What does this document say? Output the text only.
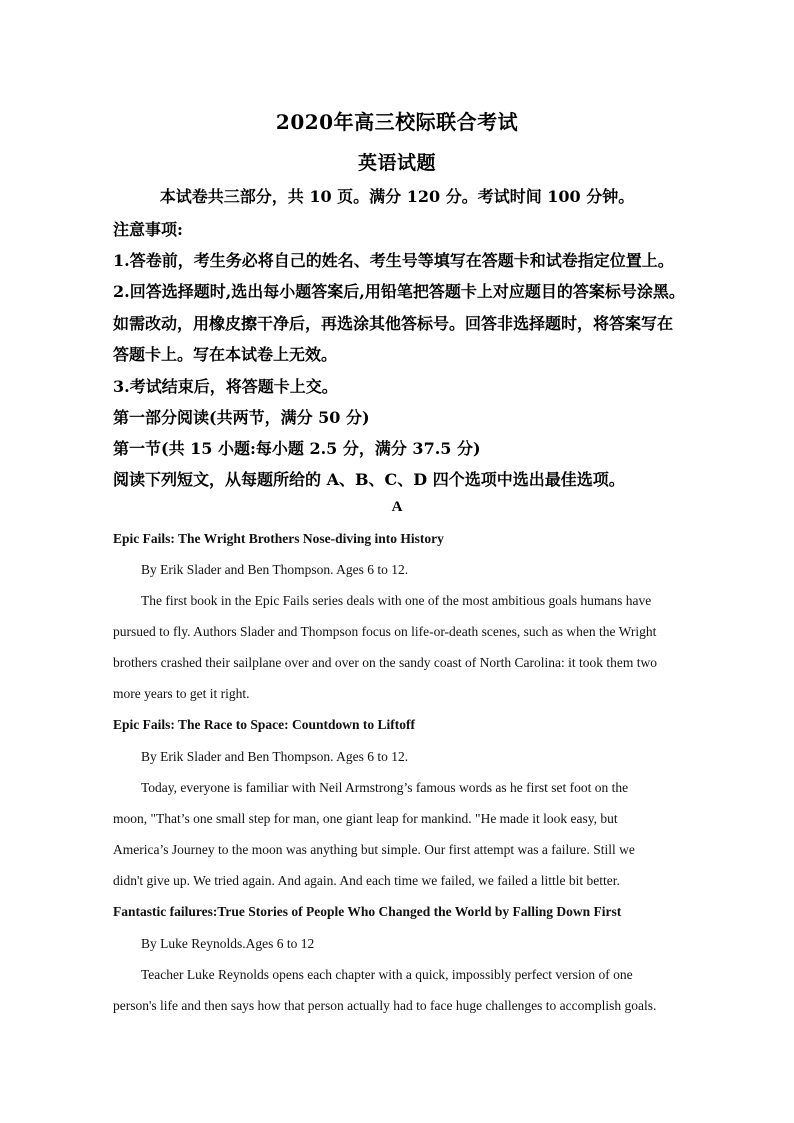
2020年高三校际联合考试
英语试题
本试卷共三部分，共 10 页。满分 120 分。考试时间 100 分钟。
注意事项:
1.答卷前，考生务必将自己的姓名、考生号等填写在答题卡和试卷指定位置上。
2.回答选择题时,选出每小题答案后,用铅笔把答题卡上对应题目的答案标号涂黑。
如需改动，用橡皮擦干净后，再选涂其他答标号。回答非选择题时，将答案写在
答题卡上。写在本试卷上无效。
3.考试结束后，将答题卡上交。
第一部分阅读(共两节，满分 50 分)
第一节(共 15 小题:每小题 2.5 分，满分 37.5 分)
阅读下列短文，从每题所给的 A、B、C、D 四个选项中选出最佳选项。
A
Epic Fails: The Wright Brothers Nose-diving into History
By Erik Slader and Ben Thompson. Ages 6 to 12.
The first book in the Epic Fails series deals with one of the most ambitious goals humans have
pursued to fly. Authors Slader and Thompson focus on life-or-death scenes, such as when the Wright
brothers crashed their sailplane over and over on the sandy coast of North Carolina: it took them two
more years to get it right.
Epic Fails: The Race to Space: Countdown to Liftoff
By Erik Slader and Ben Thompson. Ages 6 to 12.
Today, everyone is familiar with Neil Armstrong’s famous words as he first set foot on the
moon, "That’s one small step for man, one giant leap for mankind. "He made it look easy, but
America’s Journey to the moon was anything but simple. Our first attempt was a failure. Still we
didn't give up. We tried again. And again. And each time we failed, we failed a little bit better.
Fantastic failures:True Stories of People Who Changed the World by Falling Down First
By Luke Reynolds.Ages 6 to 12
Teacher Luke Reynolds opens each chapter with a quick, impossibly perfect version of one
person's life and then says how that person actually had to face huge challenges to accomplish goals.
